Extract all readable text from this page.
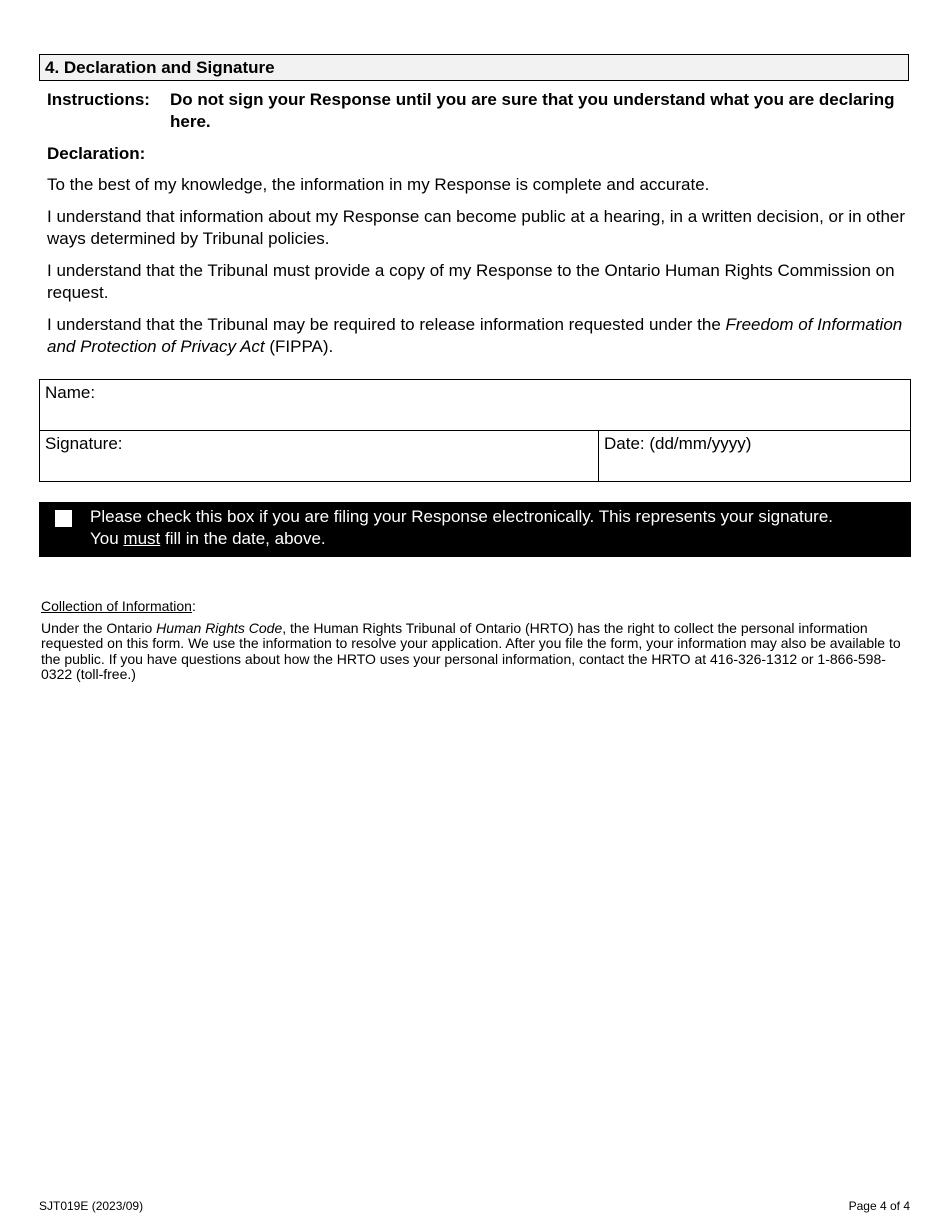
4. Declaration and Signature
Instructions: Do not sign your Response until you are sure that you understand what you are declaring here.
Declaration:

To the best of my knowledge, the information in my Response is complete and accurate.

I understand that information about my Response can become public at a hearing, in a written decision, or in other ways determined by Tribunal policies.

I understand that the Tribunal must provide a copy of my Response to the Ontario Human Rights Commission on request.

I understand that the Tribunal may be required to release information requested under the Freedom of Information and Protection of Privacy Act (FIPPA).

Name:
Signature:	Date: (dd/mm/yyyy)
Please check this box if you are filing your Response electronically. This represents your signature.
You must fill in the date, above.
Collection of Information:
Under the Ontario Human Rights Code, the Human Rights Tribunal of Ontario (HRTO) has the right to collect the personal information requested on this form. We use the information to resolve your application. After you file the form, your information may also be available to the public. If you have questions about how the HRTO uses your personal information, contact the HRTO at 416-326-1312 or 1-866-598-0322 (toll-free.)
SJT019E (2023/09)	Page 4 of 4
